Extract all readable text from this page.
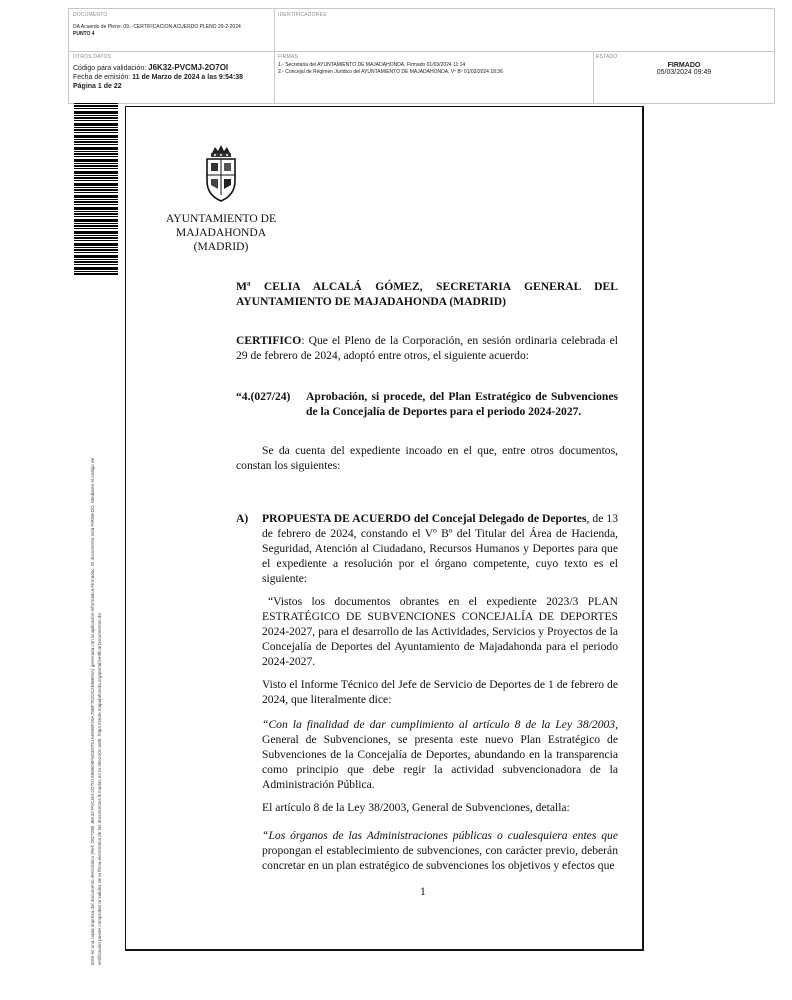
DOCUMENTO
DA Acuerdo de Pleno: 09.- CERTIFICACION ACUERDO PLENO 29-2-2024
PUNTO 4
IDENTIFICADORES
OTROS DATOS
Código para validación: J6K32-PVCMJ-2O7OI
Fecha de emisión: 11 de Marzo de 2024 a las 9:54:38
Página 1 de 22
FIRMAS
1.- Secretaria del AYUNTAMIENTO DE MAJADAHONDA. Firmado 01/03/2024 11:14
2.- Concejal de Régimen Jurídico del AYUNTAMIENTO DE MAJADAHONDA. Vº Bº 01/03/2024 18:36
ESTADO
FIRMADO
05/03/2024 09:49
Este es una copia impresa del documento electrónico (Ref: 2827285 J6K32-PVCMJ-2O7OI 6989D9F6D3D751A6948F26A78BF752DC2E6BE5A) generada con la aplicación informática Firmadoc. El documento está FIRMADO. Mediante el código de verificación puede comprobar la validez de la firma electrónica de los documentos firmados en la dirección web: https://sede.majadahonda.org/portal/verificarDocumentos.do
AYUNTAMIENTO DE
MAJADAHONDA
(MADRID)
Mª CELIA ALCALÁ GÓMEZ, SECRETARIA GENERAL DEL AYUNTAMIENTO DE MAJADAHONDA (MADRID)
CERTIFICO: Que el Pleno de la Corporación, en sesión ordinaria celebrada el 29 de febrero de 2024, adoptó entre otros, el siguiente acuerdo:
“4.(027/24)	Aprobación, si procede, del Plan Estratégico de Subvenciones de la Concejalía de Deportes para el periodo 2024-2027.
Se da cuenta del expediente incoado en el que, entre otros documentos, constan los siguientes:
A)	PROPUESTA DE ACUERDO del Concejal Delegado de Deportes, de 13 de febrero de 2024, constando el Vº Bº del Titular del Área de Hacienda, Seguridad, Atención al Ciudadano, Recursos Humanos y Deportes para que el expediente a resolución por el órgano competente, cuyo texto es el siguiente:
“Vistos los documentos obrantes en el expediente 2023/3 PLAN ESTRATÉGICO DE SUBVENCIONES CONCEJALÍA DE DEPORTES 2024-2027, para el desarrollo de las Actividades, Servicios y Proyectos de la Concejalía de Deportes del Ayuntamiento de Majadahonda para el periodo 2024-2027.
Visto el Informe Técnico del Jefe de Servicio de Deportes de 1 de febrero de 2024, que literalmente dice:
“Con la finalidad de dar cumplimiento al artículo 8 de la Ley 38/2003, General de Subvenciones, se presenta este nuevo Plan Estratégico de Subvenciones de la Concejalía de Deportes, abundando en la transparencia como principio que debe regir la actividad subvencionadora de la Administración Pública.
El artículo 8 de la Ley 38/2003, General de Subvenciones, detalla:
“Los órganos de las Administraciones públicas o cualesquiera entes que propongan el establecimiento de subvenciones, con carácter previo, deberán concretar en un plan estratégico de subvenciones los objetivos y efectos que
1
